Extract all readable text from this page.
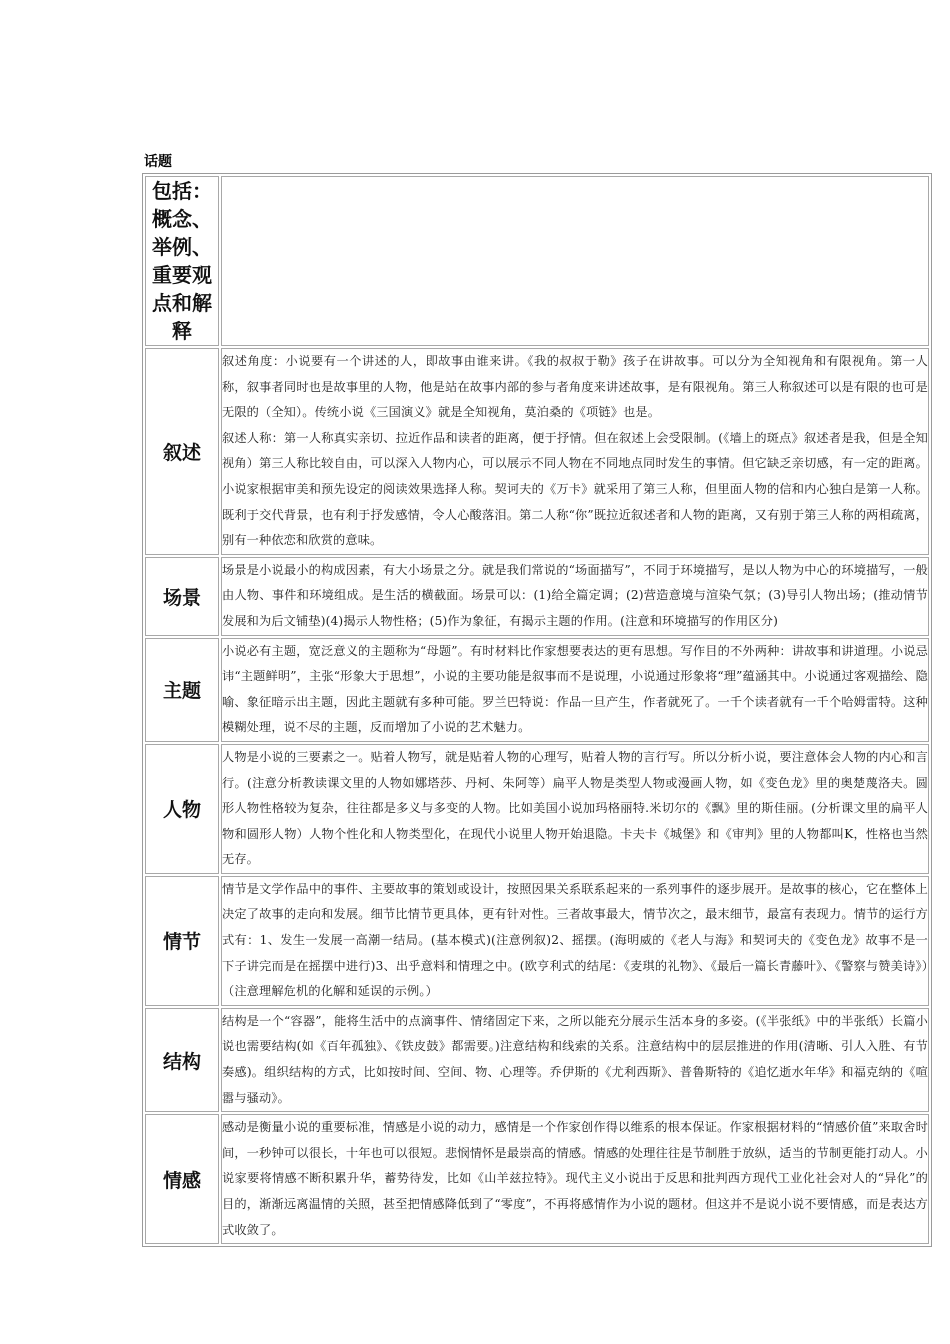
话题
包括：概念、举例、重要观点和解释	
叙述	叙述角度：小说要有一个讲述的人，即故事由谁来讲。《我的叔叔于勒》孩子在讲故事。可以分为全知视角和有限视角。第一人称，叙事者同时也是故事里的人物，他是站在故事内部的参与者角度来讲述故事，是有限视角。第三人称叙述可以是有限的也可是无限的（全知）。传统小说《三国演义》就是全知视角，莫泊桑的《项链》也是。

叙述人称：第一人称真实亲切、拉近作品和读者的距离，便于抒情。但在叙述上会受限制。(《墙上的斑点》叙述者是我，但是全知视角）第三人称比较自由，可以深入人物内心，可以展示不同人物在不同地点同时发生的事情。但它缺乏亲切感，有一定的距离。小说家根据审美和预先设定的阅读效果选择人称。契诃夫的《万卡》就采用了第三人称，但里面人物的信和内心独白是第一人称。既利于交代背景，也有利于抒发感情，令人心酸落泪。第二人称“你”既拉近叙述者和人物的距离，又有别于第三人称的两相疏离，别有一种依恋和欣赏的意味。

场景	场景是小说最小的构成因素，有大小场景之分。就是我们常说的“场面描写”，不同于环境描写，是以人物为中心的环境描写，一般由人物、事件和环境组成。是生活的横截面。场景可以：(1)给全篇定调；(2)营造意境与渲染气氛；(3)导引人物出场；(推动情节发展和为后文铺垫)(4)揭示人物性格；(5)作为象征，有揭示主题的作用。(注意和环境描写的作用区分)

主题	小说必有主题，宽泛意义的主题称为“母题”。有时材料比作家想要表达的更有思想。写作目的不外两种：讲故事和讲道理。小说忌讳“主题鲜明”，主张“形象大于思想”，小说的主要功能是叙事而不是说理，小说通过形象将“理”蕴涵其中。小说通过客观描绘、隐喻、象征暗示出主题，因此主题就有多种可能。罗兰巴特说：作品一旦产生，作者就死了。一千个读者就有一千个哈姆雷特。这种模糊处理，说不尽的主题，反而增加了小说的艺术魅力。

人物	人物是小说的三要素之一。贴着人物写，就是贴着人物的心理写，贴着人物的言行写。所以分析小说，要注意体会人物的内心和言行。(注意分析教读课文里的人物如娜塔莎、丹柯、朱阿等）扁平人物是类型人物或漫画人物，如《变色龙》里的奥楚蔑洛夫。圆形人物性格较为复杂，往往都是多义与多变的人物。比如美国小说加玛格丽特.米切尔的《飘》里的斯佳丽。(分析课文里的扁平人物和圆形人物）人物个性化和人物类型化，在现代小说里人物开始退隐。卡夫卡《城堡》和《审判》里的人物都叫K，性格也当然无存。

情节	情节是文学作品中的事件、主要故事的策划或设计，按照因果关系联系起来的一系列事件的逐步展开。是故事的核心，它在整体上决定了故事的走向和发展。细节比情节更具体，更有针对性。三者故事最大，情节次之，最末细节，最富有表现力。情节的运行方式有：1、发生一发展一高潮一结局。(基本模式)(注意例叙)2、摇摆。(海明威的《老人与海》和契诃夫的《变色龙》故事不是一下子讲完而是在摇摆中进行)3、出乎意料和情理之中。(欧亨利式的结尾：《麦琪的礼物》、《最后一篇长青藤叶》、《警察与赞美诗》）（注意理解危机的化解和延误的示例。）

结构	结构是一个“容器”，能将生活中的点滴事件、情绪固定下来，之所以能充分展示生活本身的多姿。(《半张纸》中的半张纸）长篇小说也需要结构(如《百年孤独》、《铁皮鼓》都需要。)注意结构和线索的关系。注意结构中的层层推进的作用(清晰、引人入胜、有节奏感)。组织结构的方式，比如按时间、空间、物、心理等。乔伊斯的《尤利西斯》、普鲁斯特的《追忆逝水年华》和福克纳的《喧嚣与骚动》。

情感	感动是衡量小说的重要标准，情感是小说的动力，感情是一个作家创作得以维系的根本保证。作家根据材料的“情感价值”来取舍时间，一秒钟可以很长，十年也可以很短。悲悯情怀是最崇高的情感。情感的处理往往是节制胜于放纵，适当的节制更能打动人。小说家要将情感不断积累升华，蓄势待发，比如《山羊兹拉特》。现代主义小说出于反思和批判西方现代工业化社会对人的“异化”的目的，渐渐远离温情的关照，甚至把情感降低到了“零度”，不再将感情作为小说的题材。但这并不是说小说不要情感，而是表达方式收敛了。
